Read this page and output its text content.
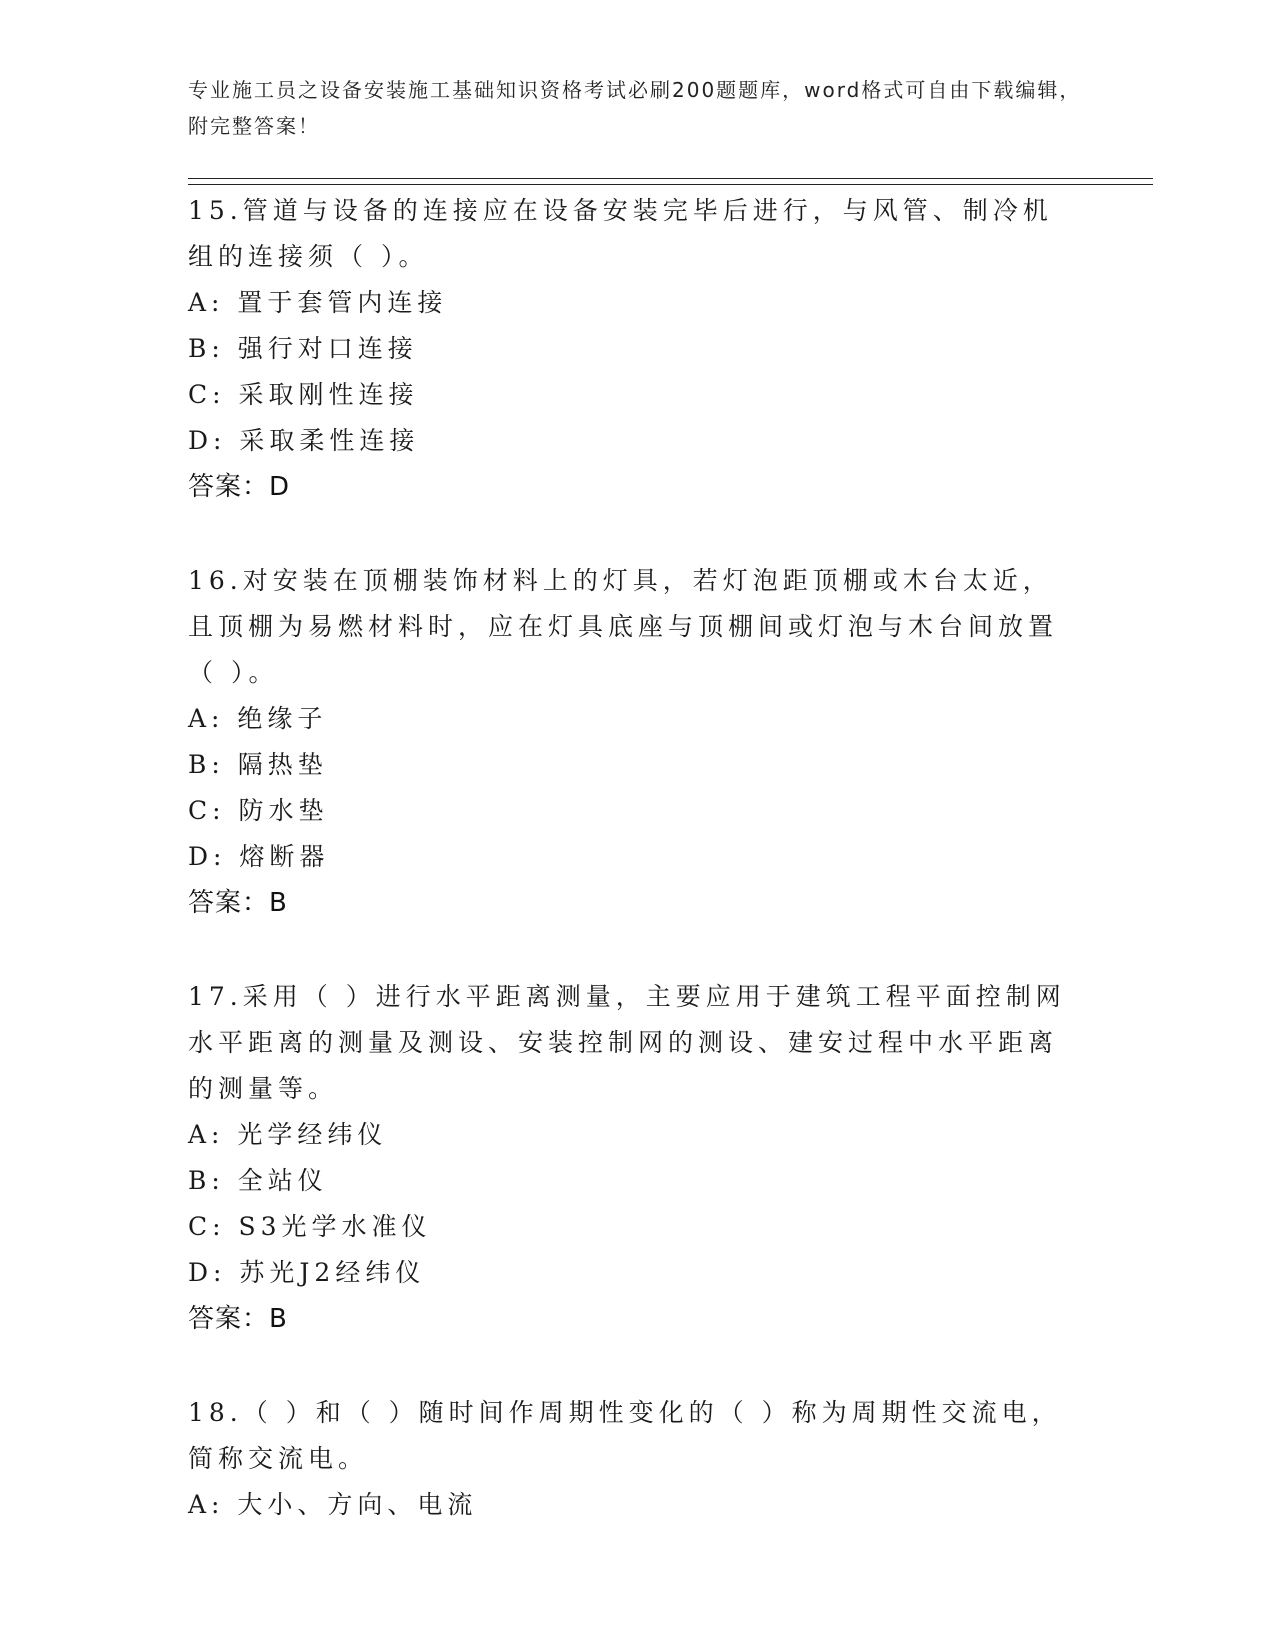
专业施工员之设备安装施工基础知识资格考试必刷200题题库，word格式可自由下载编辑，附完整答案！

15.管道与设备的连接应在设备安装完毕后进行，与风管、制冷机组的连接须（ ）。

A: 置于套管内连接

B: 强行对口连接

C: 采取刚性连接

D: 采取柔性连接

答案：D

16.对安装在顶棚装饰材料上的灯具，若灯泡距顶棚或木台太近，且顶棚为易燃材料时，应在灯具底座与顶棚间或灯泡与木台间放置（ ）。

A: 绝缘子

B: 隔热垫

C: 防水垫

D: 熔断器

答案：B

17.采用（ ）进行水平距离测量，主要应用于建筑工程平面控制网水平距离的测量及测设、安装控制网的测设、建安过程中水平距离的测量等。

A: 光学经纬仪

B: 全站仪

C: S3光学水准仪

D: 苏光J2经纬仪

答案：B

18.（ ）和（ ）随时间作周期性变化的（ ）称为周期性交流电，简称交流电。

A: 大小、方向、电流
